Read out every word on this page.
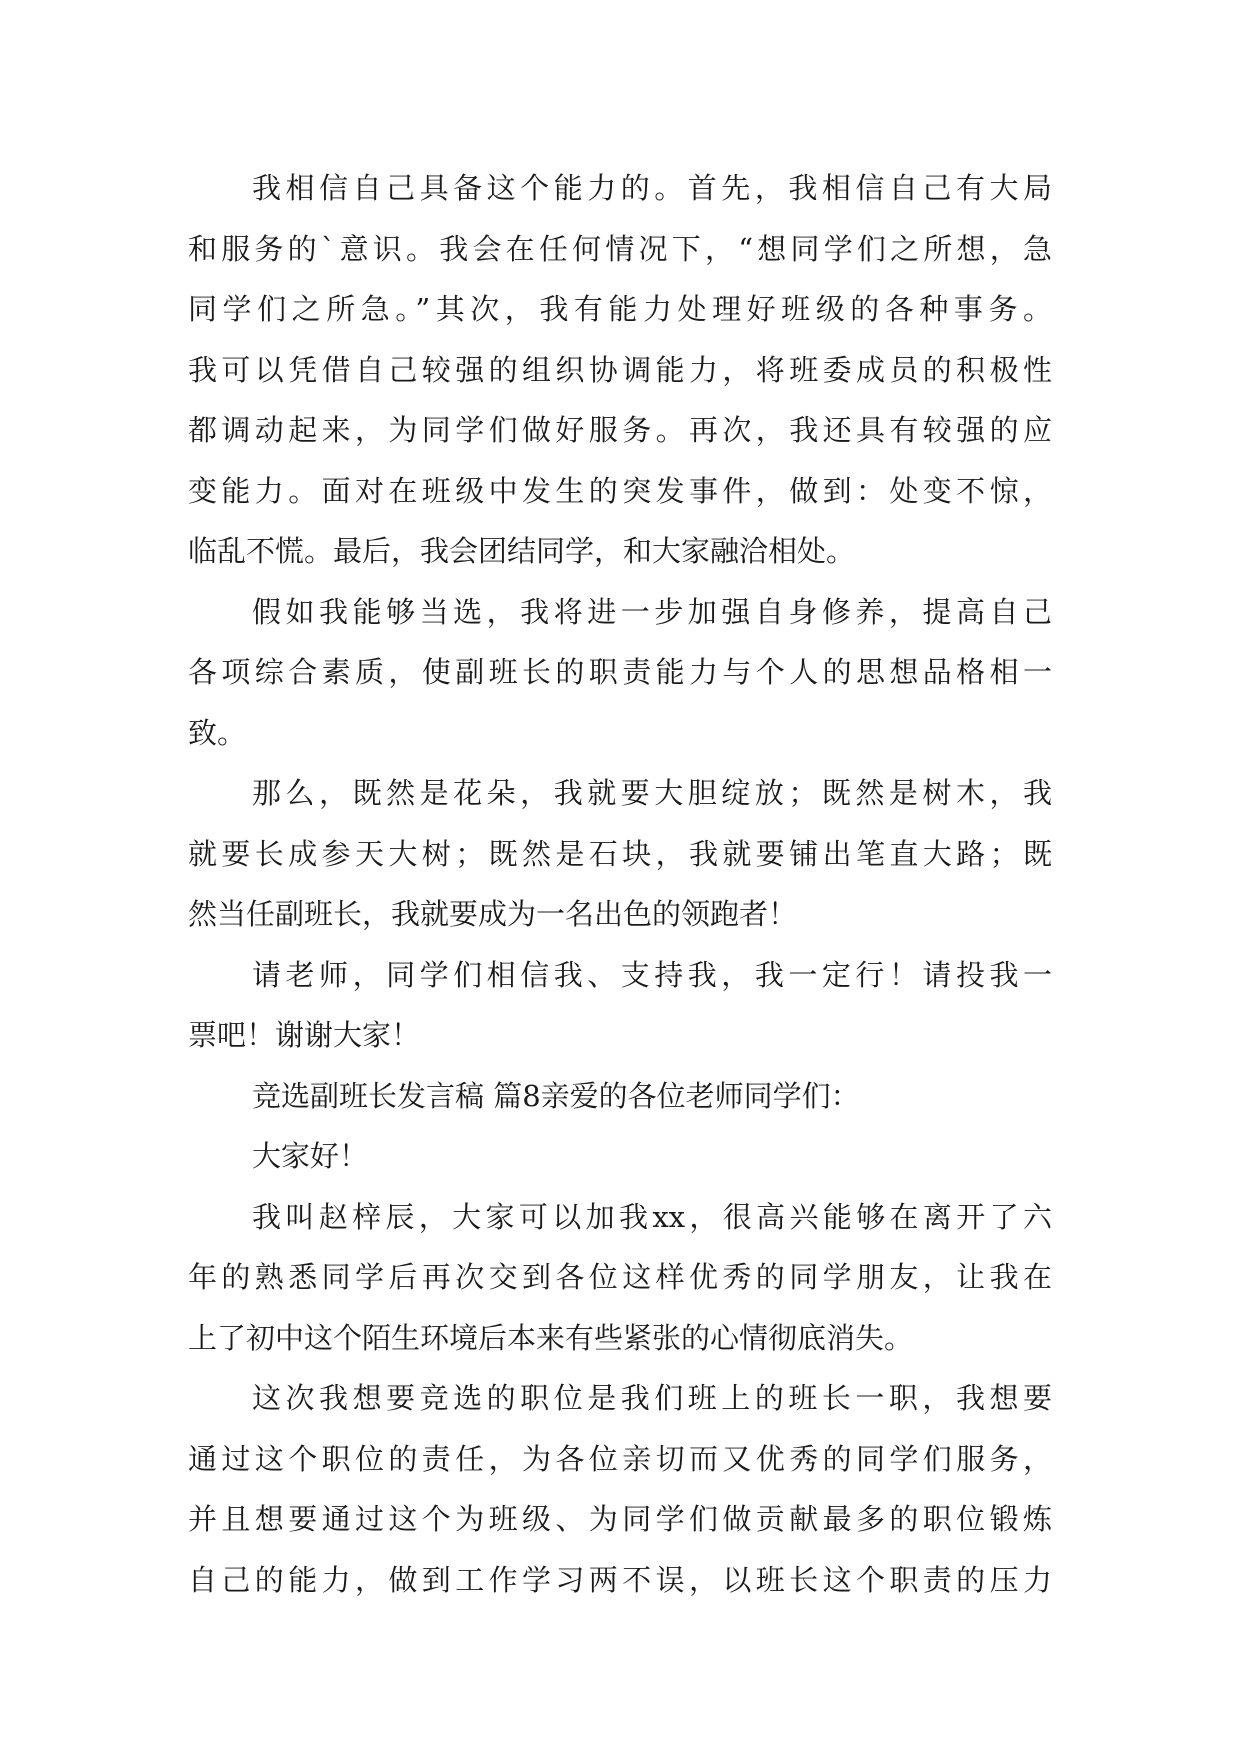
我相信自己具备这个能力的。首先，我相信自己有大局
和服务的`意识。我会在任何情况下，“想同学们之所想，急
同学们之所急。”其次，我有能力处理好班级的各种事务。
我可以凭借自己较强的组织协调能力，将班委成员的积极性
都调动起来，为同学们做好服务。再次，我还具有较强的应
变能力。面对在班级中发生的突发事件，做到：处变不惊，
临乱不慌。最后，我会团结同学，和大家融洽相处。
假如我能够当选，我将进一步加强自身修养，提高自己
各项综合素质，使副班长的职责能力与个人的思想品格相一
致。
那么，既然是花朵，我就要大胆绽放；既然是树木，我
就要长成参天大树；既然是石块，我就要铺出笔直大路；既
然当任副班长，我就要成为一名出色的领跑者！
请老师，同学们相信我、支持我，我一定行！请投我一
票吧！谢谢大家！
竞选副班长发言稿 篇8亲爱的各位老师同学们：
大家好！
我叫赵梓辰，大家可以加我xx，很高兴能够在离开了六
年的熟悉同学后再次交到各位这样优秀的同学朋友，让我在
上了初中这个陌生环境后本来有些紧张的心情彻底消失。
这次我想要竞选的职位是我们班上的班长一职，我想要
通过这个职位的责任，为各位亲切而又优秀的同学们服务，
并且想要通过这个为班级、为同学们做贡献最多的职位锻炼
自己的能力，做到工作学习两不误，以班长这个职责的压力
